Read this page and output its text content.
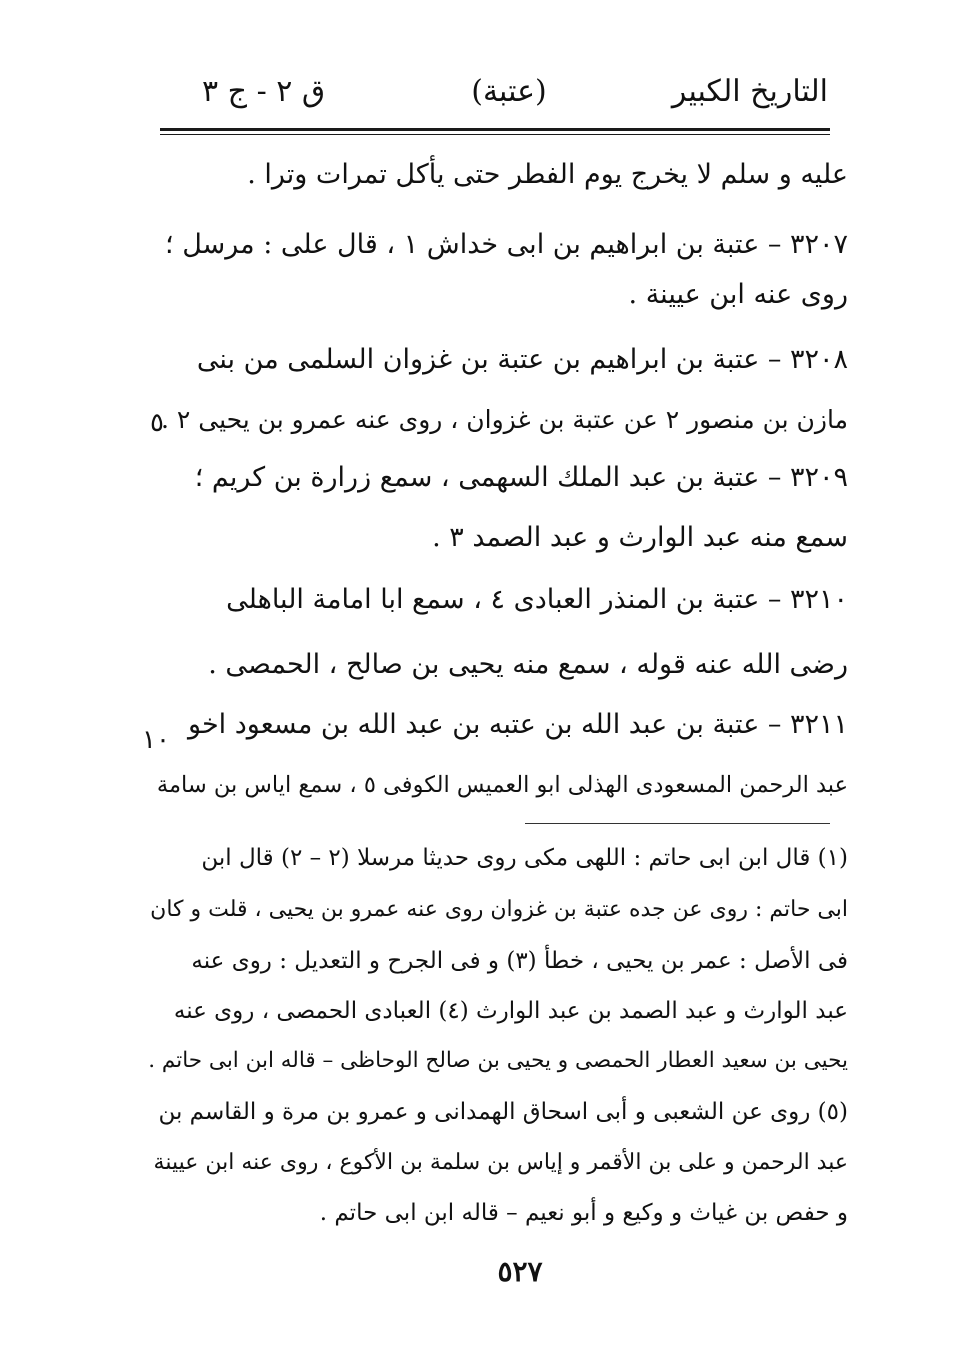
التاريخ الكبير
(عتبة)
ق ٢ - ج ٣
عليه و سلم لا يخرج يوم الفطر حتى يأكل تمرات وترا .
٣٢٠٧ – عتبة بن ابراهيم بن ابى خداش ١ ، قال على : مرسل ؛
روى عنه ابن عيينة .
٣٢٠٨ – عتبة بن ابراهيم بن عتبة بن غزوان السلمى من بنى
مازن بن منصور ٢ عن عتبة بن غزوان ، روى عنه عمرو بن يحيى ٢ .
٣٢٠٩ – عتبة بن عبد الملك السهمى ، سمع زرارة بن كريم ؛
سمع منه عبد الوارث و عبد الصمد ٣ .
٣٢١٠ – عتبة بن المنذر العبادى ٤ ، سمع ابا امامة الباهلى
رضى الله عنه قوله ، سمع منه يحيى بن صالح ، الحمصى .
٣٢١١ – عتبة بن عبد الله بن عتبه بن عبد الله بن مسعود اخو
عبد الرحمن المسعودى الهذلى ابو العميس الكوفى ٥ ، سمع اياس بن سامة
٥
١٠
(١) قال ابن ابى حاتم : اللهى مكى روى حديثا مرسلا (٢ – ٢) قال ابن
ابى حاتم : روى عن جده عتبة بن غزوان روى عنه عمرو بن يحيى ، قلت و كان
فى الأصل : عمر بن يحيى ، خطأ (٣) و فى الجرح و التعديل : روى عنه
عبد الوارث و عبد الصمد بن عبد الوارث (٤) العبادى الحمصى ، روى عنه
يحيى بن سعيد العطار الحمصى و يحيى بن صالح الوحاظى – قاله ابن ابى حاتم .
(٥) روى عن الشعبى و أبى اسحاق الهمدانى و عمرو بن مرة و القاسم بن
عبد الرحمن و على بن الأقمر و إياس بن سلمة بن الأكوع ، روى عنه ابن عيينة
و حفص بن غياث و وكيع و أبو نعيم – قاله ابن ابى حاتم .
٥٢٧
